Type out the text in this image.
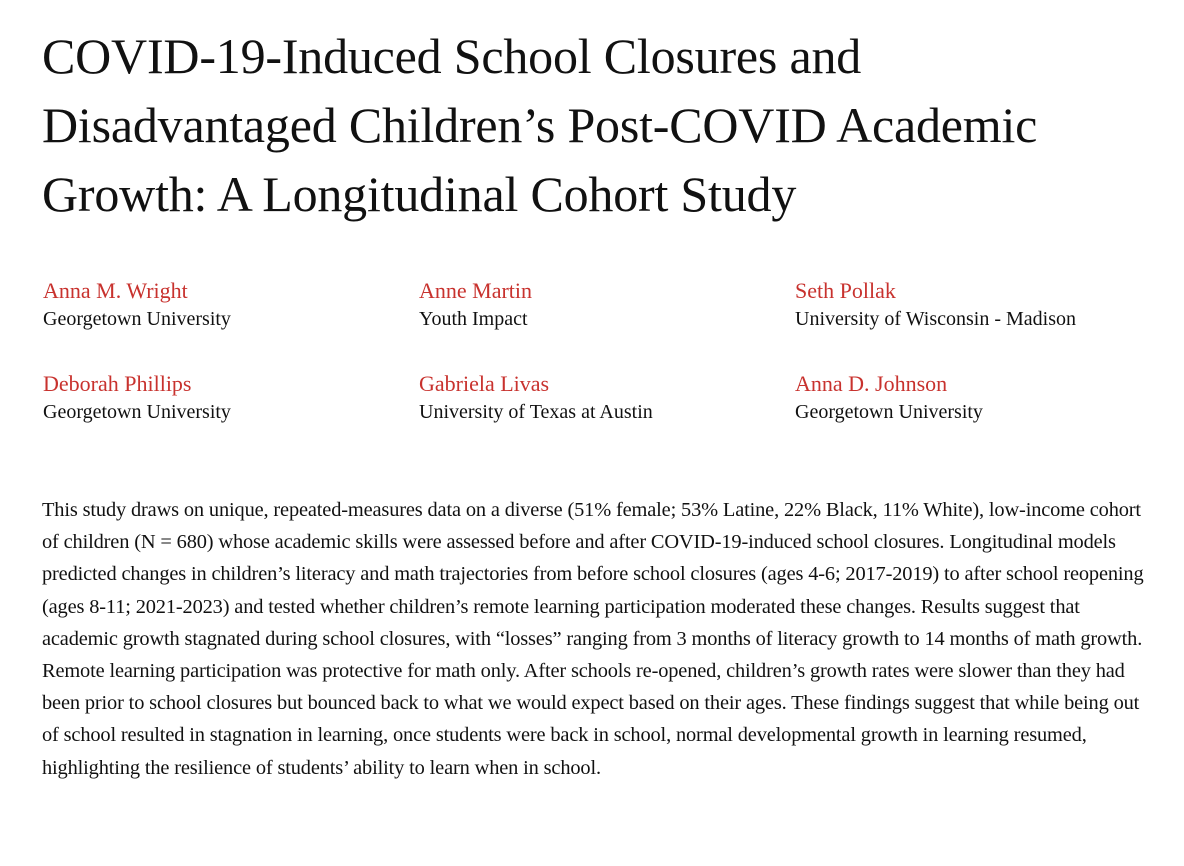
COVID-19-Induced School Closures and Disadvantaged Children’s Post-COVID Academic Growth: A Longitudinal Cohort Study
Anna M. Wright
Georgetown University
Anne Martin
Youth Impact
Seth Pollak
University of Wisconsin - Madison
Deborah Phillips
Georgetown University
Gabriela Livas
University of Texas at Austin
Anna D. Johnson
Georgetown University

This study draws on unique, repeated-measures data on a diverse (51% female; 53% Latine, 22% Black, 11% White), low-income cohort of children (N = 680) whose academic skills were assessed before and after COVID-19-induced school closures. Longitudinal models predicted changes in children’s literacy and math trajectories from before school closures (ages 4-6; 2017-2019) to after school reopening (ages 8-11; 2021-2023) and tested whether children’s remote learning participation moderated these changes. Results suggest that academic growth stagnated during school closures, with “losses” ranging from 3 months of literacy growth to 14 months of math growth. Remote learning participation was protective for math only. After schools re-opened, children’s growth rates were slower than they had been prior to school closures but bounced back to what we would expect based on their ages. These findings suggest that while being out of school resulted in stagnation in learning, once students were back in school, normal developmental growth in learning resumed, highlighting the resilience of students’ ability to learn when in school.
